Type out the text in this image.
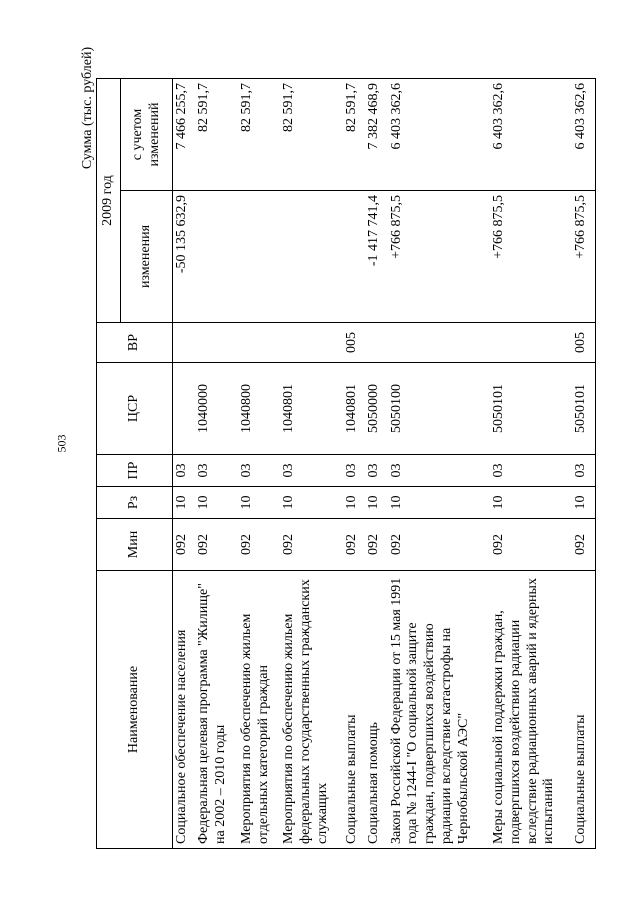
503
Сумма (тыс. рублей)
Наименование	Мин	Рз	ПР	ЦСР	ВР	2009 год	
						изменения	с учетом изменений

Социальное обеспечение населения	092	10	03			-50 135 632,9	7 466 255,7
Федеральная целевая программа "Жилище" на 2002 – 2010 годы	092	10	03	1040000			82 591,7
Мероприятия по обеспечению жильем отдельных категорий граждан	092	10	03	1040800			82 591,7
Мероприятия по обеспечению жильем федеральных государственных гражданских служащих	092	10	03	1040801			82 591,7
Социальные выплаты	092	10	03	1040801	005		82 591,7
Социальная помощь	092	10	03	5050000		-1 417 741,4	7 382 468,9
Закон Российской Федерации от 15 мая 1991 года № 1244-I "О социальной защите граждан, подвергшихся воздействию радиации вследствие катастрофы на Чернобыльской АЭС"	092	10	03	5050100		+766 875,5	6 403 362,6
Меры социальной поддержки граждан, подвергшихся воздействию радиации вследствие радиационных аварий и ядерных испытаний	092	10	03	5050101		+766 875,5	6 403 362,6
Социальные выплаты	092	10	03	5050101	005	+766 875,5	6 403 362,6
